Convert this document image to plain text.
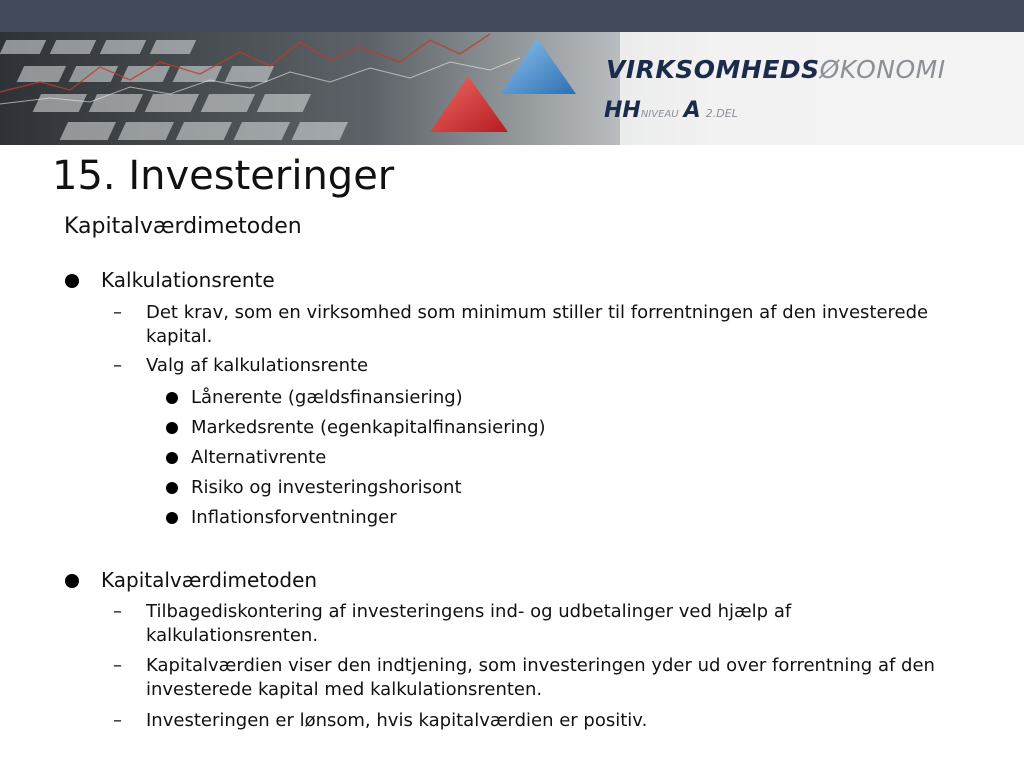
VIRKSOMHEDSØKONOMI
HHNIVEAU A 2.DEL
15. Investeringer
Kapitalværdimetoden
Kalkulationsrente
– Det krav, som en virksomhed som minimum stiller til forrentningen af den investerede kapital.
– Valg af kalkulationsrente
Lånerente (gældsfinansiering)
Markedsrente (egenkapitalfinansiering)
Alternativrente
Risiko og investeringshorisont
Inflationsforventninger
Kapitalværdimetoden
– Tilbagediskontering af investeringens ind- og udbetalinger ved hjælp af kalkulationsrenten.
– Kapitalværdien viser den indtjening, som investeringen yder ud over forrentning af den investerede kapital med kalkulationsrenten.
– Investeringen er lønsom, hvis kapitalværdien er positiv.
